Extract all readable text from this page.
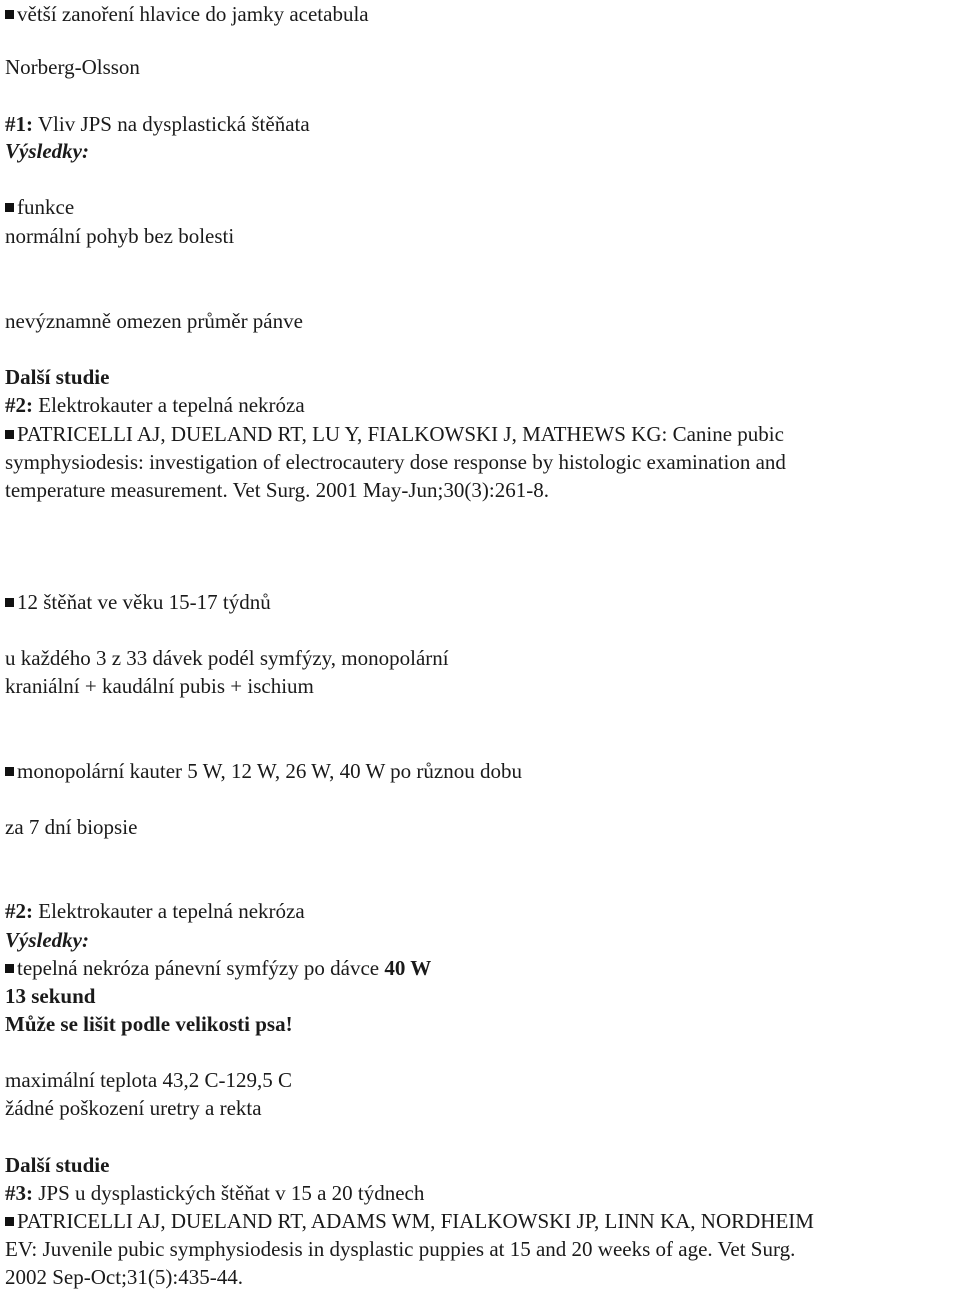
větší zanoření hlavice do jamky acetabula
Norberg-Olsson
#1: Vliv JPS na dysplastická štěňata
Výsledky:
funkce
normální pohyb bez bolesti
nevýznamně omezen průměr pánve
Další studie
#2: Elektrokauter a tepelná nekróza
PATRICELLI AJ, DUELAND RT, LU Y, FIALKOWSKI J, MATHEWS KG: Canine pubic
symphysiodesis: investigation of electrocautery dose response by histologic examination and
temperature measurement. Vet Surg. 2001 May-Jun;30(3):261-8.
12 štěňat ve věku 15-17 týdnů
u každého 3 z 33 dávek podél symfýzy, monopolární
kraniální + kaudální pubis + ischium
monopolární kauter 5 W, 12 W, 26 W, 40 W po různou dobu
za 7 dní biopsie
#2: Elektrokauter a tepelná nekróza
Výsledky:
tepelná nekróza pánevní symfýzy po dávce 40 W
13 sekund
Může se lišit podle velikosti psa!
maximální teplota 43,2 C-129,5 C
žádné poškození uretry a rekta
Další studie
#3: JPS u dysplastických štěňat v 15 a 20 týdnech
PATRICELLI AJ, DUELAND RT, ADAMS WM, FIALKOWSKI JP, LINN KA, NORDHEIM
EV: Juvenile pubic symphysiodesis in dysplastic puppies at 15 and 20 weeks of age. Vet Surg.
2002 Sep-Oct;31(5):435-44.
